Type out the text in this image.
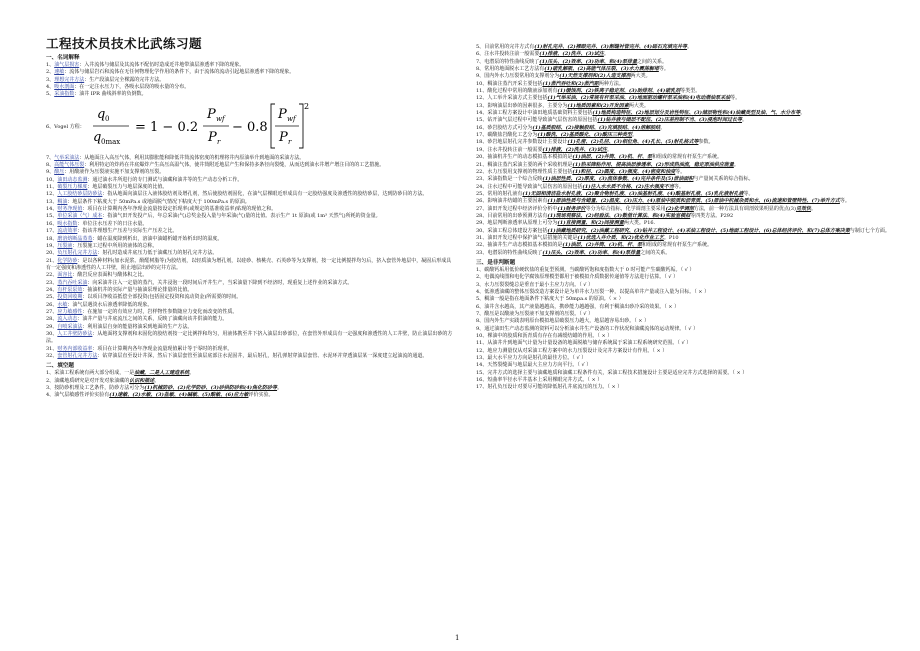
工程技术员技术比武练习题
一、名词解释
1、油气层损害：入井流体与储层及其流体不配伍时造成近井地带油层渗透率下降的现象。
2、速敏：流体与储层岩石和流体在无任何物理化学作用的条件下，由于流体的流动引起地层渗透率下降的现象。
3、理想完井方法：生产段油层完全裸露的完井方法。
4、吸水剖面：在一定注水压力下，各吸水层段的吸水量的分布。
5、采油指数：油井 IPR 曲线斜率的负倒数。
6、Vogel 方程：
q 0
q 0max
= 1 − 0.2
P wf
P r
− 0.8
P wf
P r
2
7、气举采油法：从地面注入高压气体，利用其膨胀能和降低井筒流体密度的机理将井内原油举升到地面的采油方法。
8、高能气体压裂：利用特定的炸药在井底爆炸产生高压高温气体，使井筒附近地层产生和保持多条径向裂缝，从而达到油水井增产增注目的的工艺措施。
9、酸压：用酸液作为压裂液实施不加支撑剂的压裂。
10、油田动态监测：通过油水井所进行的专门测试与油藏和油井等的生产动态分析工作。
11、破裂压力梯度：地层破裂压力与地层深度的比值。
12、人工胶结砂层防砂法：指从地面向油层注入液体胶结剂及增孔剂，然后使胶结剂固化，在油气层裸眼近形成具有一定胶结强度及渗透性的胶结砂层，达到防砂目的方法。
13、稠油：地层条件下粘度大于 50mPa.s 或地面脱气情况下粘度大于 100mPa.s 的原油。
14、财务净现值：项目在计算期内各年净现金流量按设定折现率(或规定的基准收益率)贴现的现值之和。
15、单位采油（气）成本：指油气田开发投产后，年总采油(气)总奖金投入量与年采油(气)量的比值。表示生产 1t 原油(或 1m³ 天然气)所耗的资金量。
16、吸水指数：单位注水压差下的日注水量。
17、流动效率：指该井理想生产压差与实际生产压差之比。
18、磨溶熔断晶蒸蒸：蜡在温度降到析出，溶油中油蜡析蜡开始析出时的温度。
19、压裂液：压裂施工过程中所用的液体的总称。
20、负压射孔完井方法：射孔时造成井底压力低于油藏压力的射孔完井方法。
21、化学防砂：是以各种材料(加水泥浆、酚醛树脂等)为胶结剂，以轻质油为增孔剂，以硅砂、核桃壳、石英砂等为支撑剂，按一定比例搅拌均匀后，挤入套管外地层中，凝固后形成具有一定强度和渗透性的人工井壁，阻止地层出砂的完井方法。
22、面容比：酸岩反应表面积与酸体积之比。
23、蒸汽吞吐采油：向采油井注入一定量的蒸汽，关井浸泡一段时间后开井生产，当采油量下降到不经济时，现重复上述作业的采油方式。
24、有杆泵泵效：抽油机井的实际产量与抽油泵理论排量的比值。
25、投资回收期：以项目净收益抵偿全部投资(包括固定投资和流动资金)所需要的时间。
26、水敏：油气层遇淡水后渗透率降低的现象。
27、应力敏感性：在施加一定的有效应力时，岩样物性参数随应力变化而改变的性质。
28、流入动态：油井产量与井底流压之间的关系，反映了油藏向该井供油的能力。
29、自喷采油法：利用油层自身的能量将油采到地面的生产方法。
30、人工井壁防砂法：从地面将支撑剂和未固化的胶结剂按一定比例拌和均匀，用液体携至井下挤入油层出砂部位，在套管外形成具有一定强度和渗透性的人工井壁，防止油层出砂的方法。
31、财务内部收益率：项目在计算期内各年净现金流量现值累计等于零时的折现率。
32、套管射孔完井方法：钻穿油层直至设计井深，然后下油层套管至油层底部注水泥固井，最后射孔，射孔弹射穿油层套管、水泥环并穿透油层某一深度建立起油流的通道。
二、填空题
1、采油工程系统有两大部分组成，一是油藏，二是人工建造系统。
2、油藏地质研究是对开发对象油藏的认识和描述。
3、按防砂机理及工艺条件，防砂方法可分为(1)机械防砂、(2)化学防砂、(3)砂拱防砂和(4)焦化防砂等。
4、油气层敏感性评价实验有(1)速敏、(2)水敏、(3)盐敏、(4)碱敏、(5)酸敏、(6)应力敏评价实验。
5、目前常用的完井方式有(1)射孔完井、(2)裸眼完井、(3)割缝衬管完井、(4)砾石充填完井等。
6、注水井投转注前一般需要(1)排液、(2)洗井、(3)试注。
7、电潜泵的特性曲线反映了(1)压头、(2)效率、(3)功率、和(4)泵排量之间的关系。
8、常用的地面脱水工艺方法有(1)破乳解吸、(2)高能气体压裂、(3)水力震荡解堵等。
9、国内外水力压裂常用的支撑剂分为(1)天然支撑剂和(2)人造支撑剂两大类。
10、稠油注蒸汽开采主要包括(1)蒸汽吞吐和(2)蒸汽驱两种方法。
11、酸化过程中常用的酸液添加剂有(1)缓蚀剂、(2)铁离子稳定剂、(3)助排剂、(4)破乳剂等类型。
12、人工举升采油方式主要包括(1)气举采油、(2)常规有杆泵采油、(3)地面驱动螺杆泵采油和(4)电动潜油泵采油等。
13、影响油层出砂的因素很多，主要分为(1)地质因素和(2)开发因素两大类。
14、采油工程方案设计中油田地质基础资料主要包括(1)地质构造特征、(2)地层划分及岩性特征、(3)储层物性和(4)油藏类型及油、气、水分布等。
15、钻开油气层过程中可能导致油气层伤害的原因包括(1)钻井液与储层不配伍、(2)压差控制不当、(3)浸泡时间过长等。
16、砂岩胶结方式可分为(1)基质胶结、(2)接触胶结、(3)充填胶结、(4)溶解胶结。
17、碳酸盐岩酸化工艺分为(1)酸洗、(2)基质酸化、(3)酸压三种类型。
18、砂岩地层射孔完井参数设计主要设计(1)孔密、(2)孔径、(3)相位角、(4)孔长、(5)射孔格式等参数。
19、注水井投转注前一般需要(1)排液、(2)洗井、(3)试注。
20、抽油机井生产的动态模拟基本模拟的是(1)油层、(2)井筒、(3)机、杆、泵和组成的常规有杆泵生产系统。
21、稠油注蒸汽采油主要的两个采收机理是(1)热采降粘作用、提高油层渗透率、(2)形成热油流，稳定原油供应能量。
22、水力压裂用支撑剂的物理性质主要包括(1)粒径、(2)圆度、(3)强度、(4)密度和浊度等。
23、采油指数是一个综合反映(1)油层性质、(2)厚度、(3)流体参数、(4)完井条件及(5)泄油面积与产量间关系的综合指标。
24、注水过程中可能导致油气层伤害的原因包括(1)注入水水质不合格、(2)注水强度不当等。
25、常用的射孔液有(1)无固相清洁盐水射孔液、(2)聚合物射孔液、(3)油基射孔液、(4)酸基射孔液、(5)乳化液射孔液等。
26、影响油井结蜡的主要因素有(1)原油性质与含蜡量、(2)温度、(3)压力、(4)原油中胶质和沥青质、(5)原油中机械杂质和水、(6)流速和管壁特性、(7)举升方式等。
27、油田开发过程中经济评价分析中(1)财务评价等分为综合指标，化学调剖主要采用(2)化学调剖方法，前一种方法具有调剖效果明显的优点(3)见效快。
28、目前常用的出砂预测方法有(1)现场观察法、(2)经验法、(3)数值计算法、和(4)实验室模拟等四类方法。P292
29、地层判断渗透率从原理上可分为(1)直接测量、和(2)间接测量两大类。P16.
30、采油工程总体建设方案包括(1)油藏地质研究、(2)油藏工程研究、(3)钻井工程设计、(4)采油工程设计、(5)地面工程设计、(6)总体经济评价、和(7)总体方案决策与制订七个方面。
31、油田开发过程中保护油气层措施的关键是(1)优选入井介质、和(2)优化作业工艺。P10
32、抽油井生产动态模拟基本模拟的是(1)油层、(2)井筒、(3)机、杆、泵和组成的常规有杆泵生产系统。
33、电潜泵的特性曲线反映了(1)压头、(2)效率、(3)功率、和(4)泵排量之间的关系。
三、是非判断题
1、碳酸钙垢用低价硬软盐的重复型预测。当碳酸钙饱和度指数大于 0 时可能产生碳酸钙垢。（ √ ）
2、电偶流线图和电化学腐蚀原理模型都用于被模拟介质数据传递值等方法进行估算。（ √ ）
3、水力压裂裂缝总是垂直于最小主应力方向。（ √ ）
4、低渗透油藏的整体压裂改造方案设计是为单井水力压裂一种，以提高单井产量或注入量为目标。（ × ）
5、稠油一般是指在地面条件下粘度大于 50mpa.s 的原油。（ × ）
6、油井含水越高，其产液量越越高，携砂能力越越强，有利于稠油出砂冷采的效果。（ × ）
7、酸压是以酸液为压裂液不加支撑剂的压裂。（ √ ）
8、国内外生产实践表明原台模拟地层破裂压力越大，地层越容易出砂。（ × ）
9、通过油田生产动态监测的资料可以分析油水井生产设备的工作状况和油藏流体的运动规律。（ √ ）
10、裸油中的胶质和沥青质有存在有减缓结蜡的作用。（ × ）
11、从油井升到地面气计量为计量设备的地面脱敏与储存系统属于采油工程系统研究范围。（ √ ）
12、地应力测量仅从对采油工程方案中的水力压裂设计及完井方案设计有作用。（ × ）
13、最大水平应力方向是射孔的最佳方位。（ √ ）
14、天然裂缝面与地层最大主应力方向平行。（ √ ）
15、完井方式的选择主要与油藏地质和油藏工程条件有关，采油工程技术措施设计主要是适应完井方式选择的需要。（ × ）
16、短曲率半径水平井基本上采用裸眼完井方式。（ × ）
17、射孔负压设计对要尽可能的降低射孔井底流压的压力。（ × ）
1
